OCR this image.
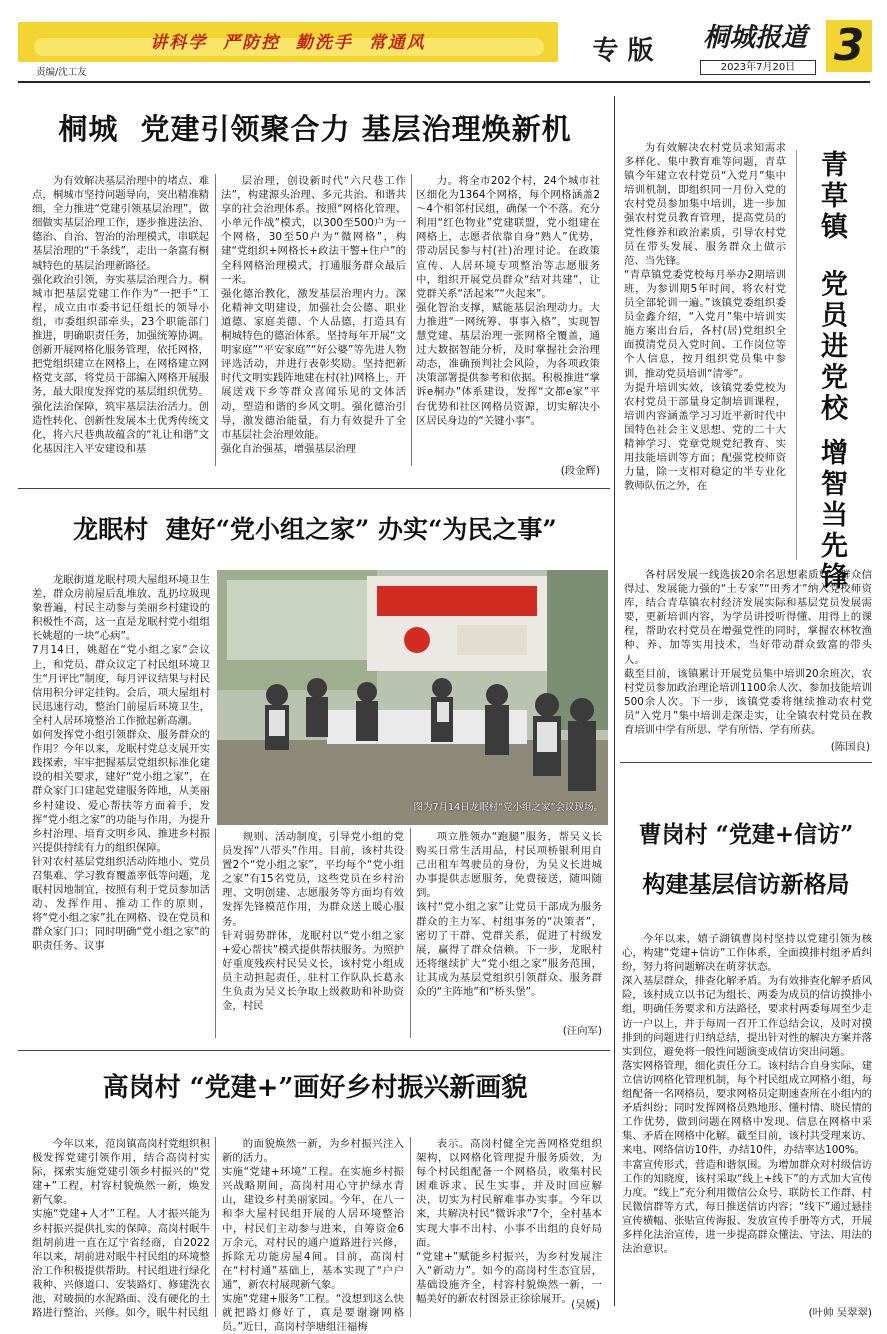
讲科学  严防控  勤洗手  常通风	专 版	桐城报道
2023年7月20日 3
责编/沈工友
桐城  党建引领聚合力 基层治理焕新机
为有效解决基层治理中的堵点、难点，桐城市坚持问题导向，突出精准精细，全力推进“党建引领基层治理”，做细做实基层治理工作，逐步推进法治、德治、自治、智治的治理模式，串联起基层治理的“千条线”，走出一条富有桐城特色的基层治理新路径。
强化政治引领，夯实基层治理合力。桐城市把基层党建工作作为“一把手”工程，成立由市委书记任组长的领导小组，市委组织部牵头，23个职能部门推进，明确职责任务，加强统筹协调。创新开展网格化服务管理，依托网格，把党组织建立在网格上，在网格建立网格党支部，将党员干部编入网格开展服务，最大限度发挥党的基层组织优势。
强化法治保障，筑牢基层法治活力。创造性转化、创新性发展本土优秀传统文化，将六尺巷典故蕴含的“礼让和谐”文化基因注入平安建设和基
层治理，创设新时代“六尺巷工作法”，构建源头治理、多元共治、和谐共享的社会治理体系。按照“网格化管理、小单元作战”模式，以300至500户为一个网格，30至50户为“微网格”，构建“党组织+网格长+政法干警+住户”的全科网格治理模式，打通服务群众最后一米。
强化德治教化，激发基层治理内力。深化精神文明建设，加强社会公德、职业道德、家庭美德、个人品德，打造具有桐城特色的德治体系。坚持每年开展“文明家庭”“平安家庭”“好公婆”等先进人物评选活动，并进行表彰奖励。坚持把新时代文明实践阵地建在村(社)网格上，开展送戏下乡等群众喜闻乐见的文体活动，塑造和谐的乡风文明。强化德治引导，激发德治能量，有力有效提升了全市基层社会治理效能。
强化自治强基，增强基层治理
力。将全市202个村，24个城市社区细化为1364个网格，每个网格涵盖2～4个相邻村民组，确保一个不落。充分利用“红色物业”党建联盟，党小组建在网格上，志愿者依靠自身“熟人”优势，带动居民参与村(社)治理讨论。在政策宣传、人居环境专项整治等志愿服务中，组织开展党员群众“结对共建”，让党群关系“活起来”“火起来”。
强化智治支撑，赋能基层治理动力。大力推进“一网统筹、事事入格”，实现智慧党建、基层治理一张网格全覆盖，通过大数据智能分析，及时掌握社会治理动态，准确预判社会风险，为各项政策决策部署提供参考和依据。积极推进“掌诉e桐办”体系建设，发挥“文都e家”平台优势和社区网格员资源，切实解决小区居民身边的“关键小事”。
(段金辉)
龙眠村  建好“党小组之家” 办实“为民之事”
图为7月14日龙眠村“党小组之家”会议现场。
龙眠街道龙眠村项大屋组环境卫生差，群众房前屋后乱堆放、乱扔垃圾现象普遍，村民主动参与美丽乡村建设的积极性不高，这一直是龙眠村党小组组长姚超的一块“心病”。
7月14日，姚超在“党小组之家”会议上，和党员、群众议定了村民组环境卫生“月评比”制度，每月评议结果与村民信用积分评定挂钩。会后，项大屋组村民迅速行动，整治门前屋后环境卫生，全村人居环境整治工作掀起新高潮。
如何发挥党小组引领群众、服务群众的作用？今年以来，龙眠村党总支展开实践探索，牢牢把握基层党组织标准化建设的相关要求，建好“党小组之家”，在群众家门口建起党建服务阵地，从美丽乡村建设、爱心帮扶等方面着手，发挥“党小组之家”的功能与作用，为提升乡村治理、培育文明乡风、推进乡村振兴提供持续有力的组织保障。
针对农村基层党组织活动阵地小、党员召集难、学习教育覆盖率低等问题，龙眠村因地制宜，按照有利于党员参加活动、发挥作用、推动工作的原则，将“党小组之家”扎在网格、设在党员和群众家门口；同时明确“党小组之家”的职责任务、议事
规则、活动制度，引导党小组的党员发挥“八带头”作用。目前，该村共设置2个“党小组之家”，平均每个“党小组之家”有15名党员，这些党员在乡村治理、文明创建、志愿服务等方面均有效发挥先锋模范作用，为群众送上暖心服务。
针对弱势群体，龙眠村以“党小组之家+爱心帮扶”模式提供帮扶服务。为照护好重度残疾村民吴义长，该村党小组成员主动担起责任，驻村工作队队长葛永生负责为吴义长争取上级救助和补助资金，村民
项立胜领办“跑腿”服务，帮吴义长购买日常生活用品，村民项桥银利用自己出租车驾驶员的身份，为吴义长进城办事提供志愿服务，免费接送，随叫随到。
该村“党小组之家”让党员干部成为服务群众的主力军、村组事务的“决策者”，密切了干群、党群关系，促进了村级发展，赢得了群众信赖。下一步，龙眠村还将继续扩大“党小组之家”服务范围，让其成为基层党组织引领群众、服务群众的“主阵地”和“桥头堡”。
(汪向军)
高岗村 “党建+”画好乡村振兴新画貌
今年以来，范岗镇高岗村党组织积极发挥党建引领作用，结合高岗村实际，探索实施党建引领乡村振兴的“党建+”工程，村容村貌焕然一新，焕发新气象。
实施“党建+人才”工程。人才振兴能为乡村振兴提供扎实的保障。高岗村眠牛组胡前进一直在辽宁省经商，自2022年以来，胡前进对眠牛村民组的环境整治工作积极提供帮助。村民组进行绿化栽种、兴修道口、安装路灯、修建洗衣池，对破损的水泥路面、没有硬化的土路进行整治、兴修。如今，眠牛村民组
的面貌焕然一新，为乡村振兴注入新的活力。
实施“党建+环境”工程。在实施乡村振兴战略期间，高岗村用心守护绿水青山，建设乡村美丽家园。今年，在八一和李大屋村民组开展的人居环境整治中，村民们主动参与进来，自筹资金6万余元，对村民的通户道路进行兴修，拆除无功能房屋4间。目前，高岗村在“村村通”基础上，基本实现了“户户通”，新农村展现新气象。
实施“党建+服务”工程。“没想到这么快就把路灯修好了，真是要谢谢网格员。”近日，高岗村荸塘组汪福梅
表示。高岗村健全完善网格党组织架构，以网格化管理提升服务质效，为每个村民组配备一个网格员，收集村民困难诉求、民生实事，并及时回应解决，切实为村民解难事办实事。今年以来，共解决村民“微诉求”7个，全村基本实现大事不出村、小事不出组的良好局面。
“党建+”赋能乡村振兴，为乡村发展注入“新动力”。如今的高岗村生态宜居，基础设施齐全，村容村貌焕然一新，一幅美好的新农村图景正徐徐展开。 (吴媛)
为有效解决农村党员求知需求多样化、集中教育难等问题，青草镇今年建立农村党员“入党月”集中培训机制，即组织同一月份入党的农村党员参加集中培训，进一步加强农村党员教育管理，提高党员的党性修养和政治素质，引导农村党员在带头发展、服务群众上做示范、当先锋。
“青草镇党委党校每月举办2期培训班，为参训期5年时间，将农村党员全部轮训一遍。”该镇党委组织委员金鑫介绍，“入党月”集中培训实施方案出台后，各村(居)党组织全面摸清党员入党时间、工作岗位等个人信息，按月组织党员集中参训，推动党员培训“清零”。
为提升培训实效，该镇党委党校为农村党员干部量身定制培训课程，培训内容涵盖学习习近平新时代中国特色社会主义思想、党的二十大精神学习、党章党规党纪教育、实用技能培训等方面；配强党校师资力量，除一支相对稳定的半专业化教师队伍之外，在	青草镇  党员进党校 增智当先锋
各村居发展一线选拔20余名思想素质好、群众信得过、发展能力强的“土专家”“田秀才”纳入党校师资库，结合青草镇农村经济发展实际和基层党员发展需要，更新培训内容，为学员讲授听得懂、用得上的课程，帮助农村党员在增强党性的同时，掌握农林牧渔种、养、加等实用技术，当好带动群众致富的带头人。
截至目前，该镇累计开展党员集中培训20余班次，农村党员参加政治理论培训1100余人次、参加技能培训500余人次。下一步，该镇党委将继续推动农村党员“入党月”集中培训走深走实，让全镇农村党员在教育培训中学有所思、学有所悟、学有所获。
(陈国良)
曹岗村 “党建+信访”
构建基层信访新格局
今年以来，嬉子湖镇曹岗村坚持以党建引领为核心，构建“党建+信访”工作体系，全面摸排村组矛盾纠纷，努力将问题解决在萌芽状态。
深入基层群众，排查化解矛盾。为有效排查化解矛盾风险，该村成立以书记为组长、两委为成员的信访摸排小组，明确任务要求和方法路径，要求村两委每周至少走访一户以上，并于每周一召开工作总结会议，及时对摸排到的问题进行归纳总结，提出针对性的解决方案并落实到位，避免将一般性问题演变成信访突出问题。
落实网格管理，细化责任分工。该村结合自身实际，建立信访网格化管理机制，每个村民组成立网格小组，每组配备一名网格员，要求网格员定期速查所在小组内的矛盾纠纷；同时发挥网格员熟地形、懂村情、晓民情的工作优势，做到问题在网格中发现、信息在网格中采集、矛盾在网格中化解。截至目前，该村共受理来访、来电、网络信访10件，办结10件，办结率达100%。
丰富宣传形式，营造和谐氛围。为增加群众对村级信访工作的知晓度，该村采取“线上+线下”的方式加大宣传力度。“线上”充分利用微信公众号、联防长工作群、村民微信群等方式，每日推送信访内容；“线下”通过悬挂宣传横幅、张贴宣传海报、发放宣传手册等方式，开展多样化法治宣传，进一步提高群众懂法、守法、用法的法治意识。
(叶帅 吴翠翠)
